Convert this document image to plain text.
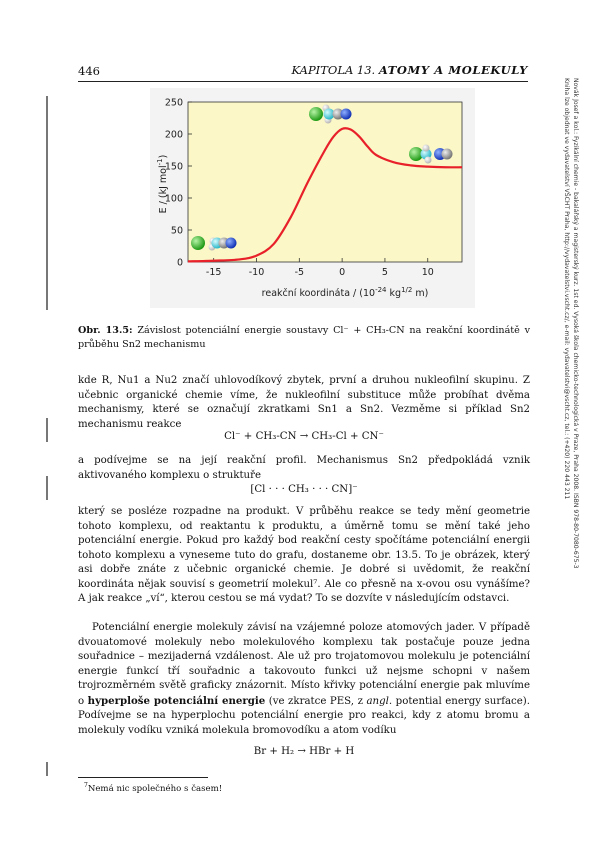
446	KAPITOLA 13. ATOMY A MOLEKULY
Novák Josef a kol.: Fyzikální chemie - bakalářský a magisterský kurz. 1st ed. Vysoká škola chemicko-technologická v Praze, Praha 2008. ISBN 978-80-7080-675-3
Kniha lze objednat ve vydavatelství VŠCHT Praha, http://vydavatelstvi.vscht.cz/, e-mail: vydavatelstvi@vscht.cz, tel.: (+420) 220 443 211
-15	-10	-5	0	5	10
0
50
100
150
200
250
reakční koordináta / ($10^{-24}$ $kg^{1/2}$ m)
E / (kJ mol$^{-1}$)
Obr. 13.5: Závislost potenciální energie soustavy Cl⁻ + CH₃-CN na reakční koordinátě v průběhu Sn2 mechanismu
kde R, Nu1 a Nu2 značí uhlovodíkový zbytek, první a druhou nukleofilní skupinu. Z učebnic organické chemie víme, že nukleofilní substituce může probíhat dvěma mechanismy, které se označují zkratkami Sn1 a Sn2. Vezměme si příklad Sn2 mechanismu reakce
Cl⁻ + CH₃-CN → CH₃-Cl + CN⁻
a podívejme se na její reakční profil. Mechanismus Sn2 předpokládá vznik aktivovaného komplexu o struktuře
[Cl · · · CH₃ · · · CN]⁻
který se posléze rozpadne na produkt. V průběhu reakce se tedy mění geometrie tohoto komplexu, od reaktantu k produktu, a úměrně tomu se mění také jeho potenciální energie. Pokud pro každý bod reakční cesty spočítáme potenciální energii tohoto komplexu a vyneseme tuto do grafu, dostaneme obr. 13.5. To je obrázek, který asi dobře znáte z učebnic organické chemie. Je dobré si uvědomit, že reakční koordináta nějak souvisí s geometrií molekul⁷. Ale co přesně na x-ovou osu vynášíme? A jak reakce „ví“, kterou cestou se má vydat? To se dozvíte v následujícím odstavci.
Potenciální energie molekuly závisí na vzájemné poloze atomových jader. V případě dvouatomové molekuly nebo molekulového komplexu tak postačuje pouze jedna souřadnice – mezijaderná vzdálenost. Ale už pro trojatomovou molekulu je potenciální energie funkcí tří souřadnic a takovouto funkci už nejsme schopni v našem trojrozměrném světě graficky znázornit. Místo křivky potenciální energie pak mluvíme o hyperploše potenciální energie (ve zkratce PES, z angl. potential energy surface). Podívejme se na hyperplochu potenciální energie pro reakci, kdy z atomu bromu a molekuly vodíku vzniká molekula bromovodíku a atom vodíku
Br + H₂ → HBr + H
$^7$Nemá nic společného s časem!
